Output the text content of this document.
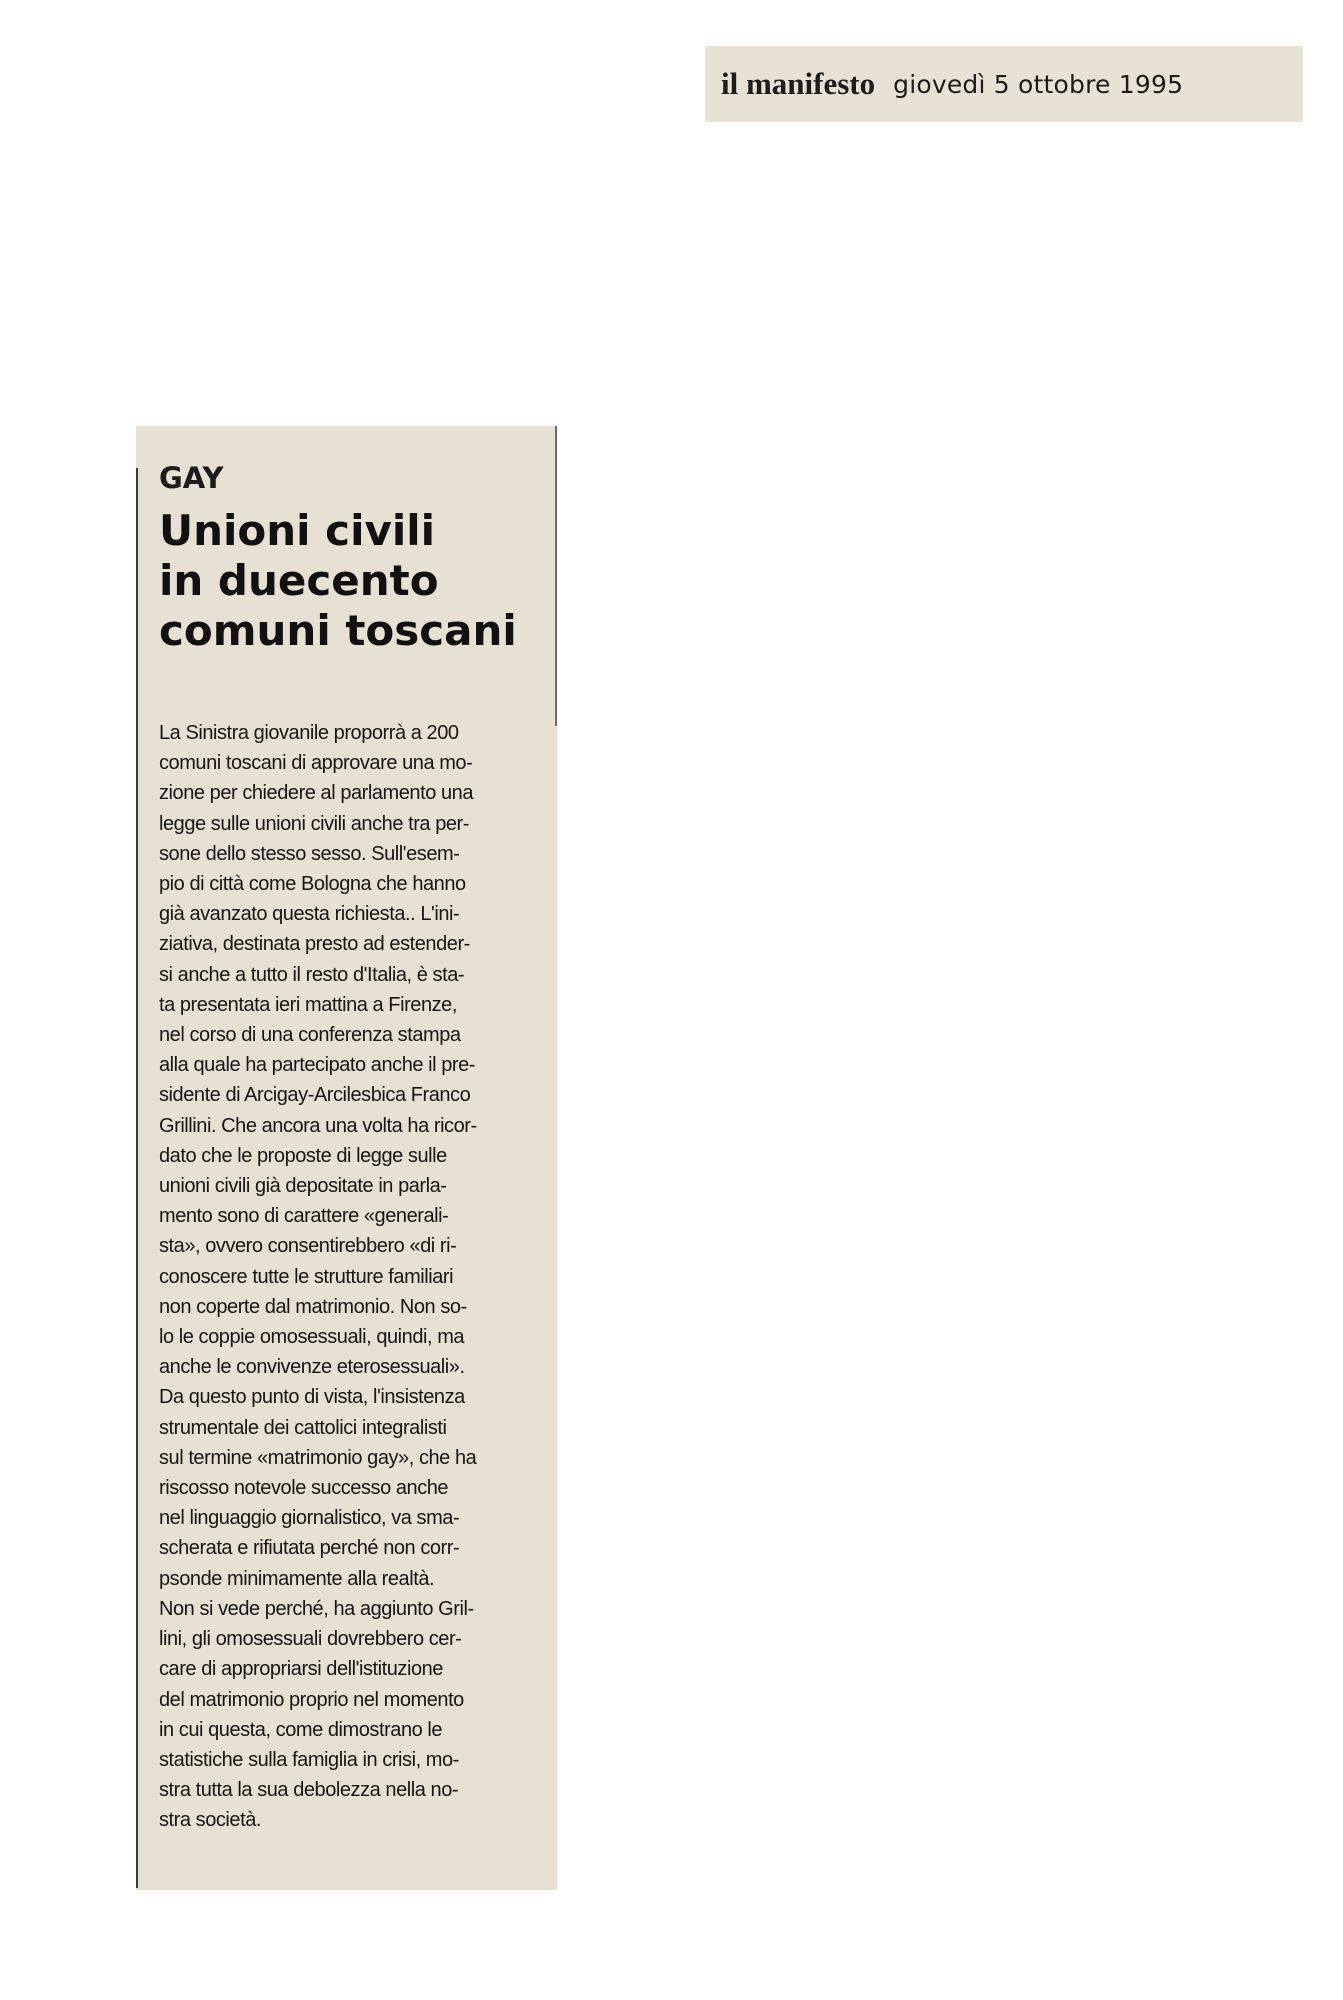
il manifesto giovedì 5 ottobre 1995
GAY
Unioni civili
in duecento
comuni toscani

La Sinistra giovanile proporrà a 200
comuni toscani di approvare una mo-
zione per chiedere al parlamento una
legge sulle unioni civili anche tra per-
sone dello stesso sesso. Sull'esem-
pio di città come Bologna che hanno
già avanzato questa richiesta.. L'ini-
ziativa, destinata presto ad estender-
si anche a tutto il resto d'Italia, è sta-
ta presentata ieri mattina a Firenze,
nel corso di una conferenza stampa
alla quale ha partecipato anche il pre-
sidente di Arcigay-Arcilesbica Franco
Grillini. Che ancora una volta ha ricor-
dato che le proposte di legge sulle
unioni civili già depositate in parla-
mento sono di carattere «generali-
sta», ovvero consentirebbero «di ri-
conoscere tutte le strutture familiari
non coperte dal matrimonio. Non so-
lo le coppie omosessuali, quindi, ma
anche le convivenze eterosessuali».
Da questo punto di vista, l'insistenza
strumentale dei cattolici integralisti
sul termine «matrimonio gay», che ha
riscosso notevole successo anche
nel linguaggio giornalistico, va sma-
scherata e rifiutata perché non corr-
psonde minimamente alla realtà.
Non si vede perché, ha aggiunto Gril-
lini, gli omosessuali dovrebbero cer-
care di appropriarsi dell'istituzione
del matrimonio proprio nel momento
in cui questa, come dimostrano le
statistiche sulla famiglia in crisi, mo-
stra tutta la sua debolezza nella no-
stra società.
